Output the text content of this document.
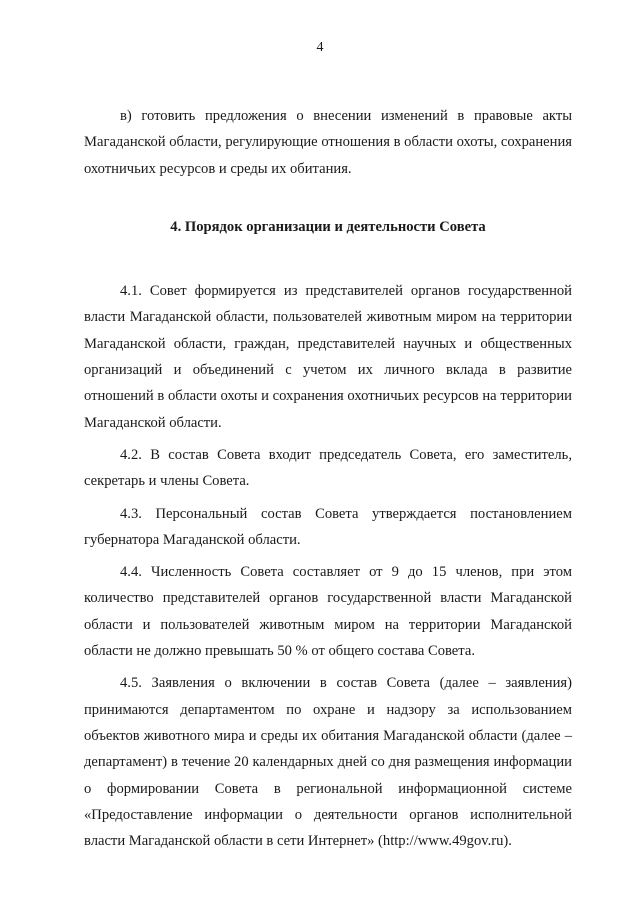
4

в) готовить предложения о внесении изменений в правовые акты Магаданской области, регулирующие отношения в области охоты, сохранения охотничьих ресурсов и среды их обитания.

4. Порядок организации и деятельности Совета

4.1. Совет формируется из представителей органов государственной власти Магаданской области, пользователей животным миром на территории Магаданской области, граждан, представителей научных и общественных организаций и объединений с учетом их личного вклада в развитие отношений в области охоты и сохранения охотничьих ресурсов на территории Магаданской области.

4.2. В состав Совета входит председатель Совета, его заместитель, секретарь и члены Совета.

4.3. Персональный состав Совета утверждается постановлением губернатора Магаданской области.

4.4. Численность Совета составляет от 9 до 15 членов, при этом количество представителей органов государственной власти Магаданской области и пользователей животным миром на территории Магаданской области не должно превышать 50 % от общего состава Совета.

4.5. Заявления о включении в состав Совета (далее – заявления) принимаются департаментом по охране и надзору за использованием объектов животного мира и среды их обитания Магаданской области (далее – департамент) в течение 20 календарных дней со дня размещения информации о формировании Совета в региональной информационной системе «Предоставление информации о деятельности органов исполнительной власти Магаданской области в сети Интернет» (http://www.49gov.ru).
